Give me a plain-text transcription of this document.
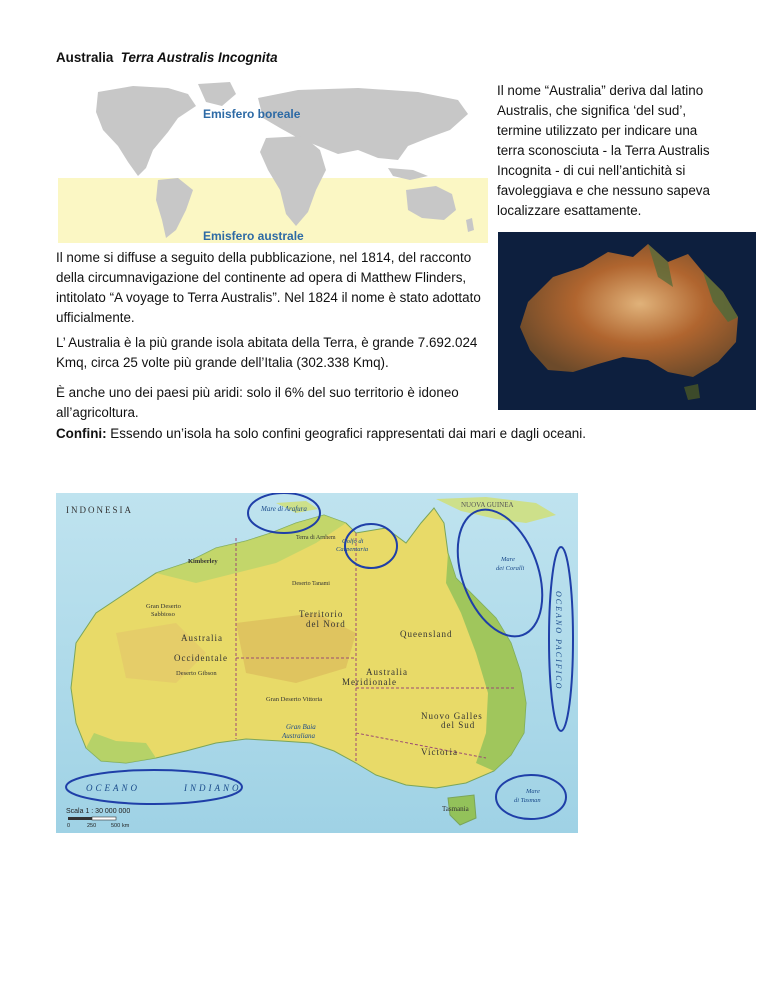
Australia Terra Australis Incognita
Emisfero boreale
Emisfero australe

Il nome “Australia” deriva dal latino Australis, che significa ‘del sud’, termine utilizzato per indicare una terra sconosciuta - la Terra Australis Incognita - di cui nell’antichità si favoleggiava e che nessuno sapeva localizzare esattamente.

Il nome si diffuse a seguito della pubblicazione, nel 1814, del racconto della circumnavigazione del continente ad opera di Matthew Flinders, intitolato “A voyage to Terra Australis”. Nel 1824 il nome è stato adottato ufficialmente.

L’ Australia è la più grande isola abitata della Terra, è grande 7.692.024 Kmq, circa 25 volte più grande dell’Italia (302.338 Kmq).

È anche uno dei paesi più aridi: solo il 6% del suo territorio è idoneo all’agricoltura.

Confini: Essendo un’isola ha solo confini geografici rappresentati dai mari e dagli oceani.

INDONESIA	NUOVA GUINEA
Mare di Arafura
Golfo di
Carpentaria
Mare
dei Coralli
Mare
di Tasman
OCEANO PACIFICO
OCEANO	INDIANO
Gran Baia
Australiana
Territorio
del Nord
Queensland
Australia
Occidentale
Australia
Meridionale
Nuovo Galles
del Sud
Victoria
Tasmania
Gran Deserto
Sabbioso
Deserto Gibson
Gran Deserto Vittoria
Kimberley
Terra di Arnhem
Deserto Tanami
Scala 1 : 30 000 000
0	250	500 km
